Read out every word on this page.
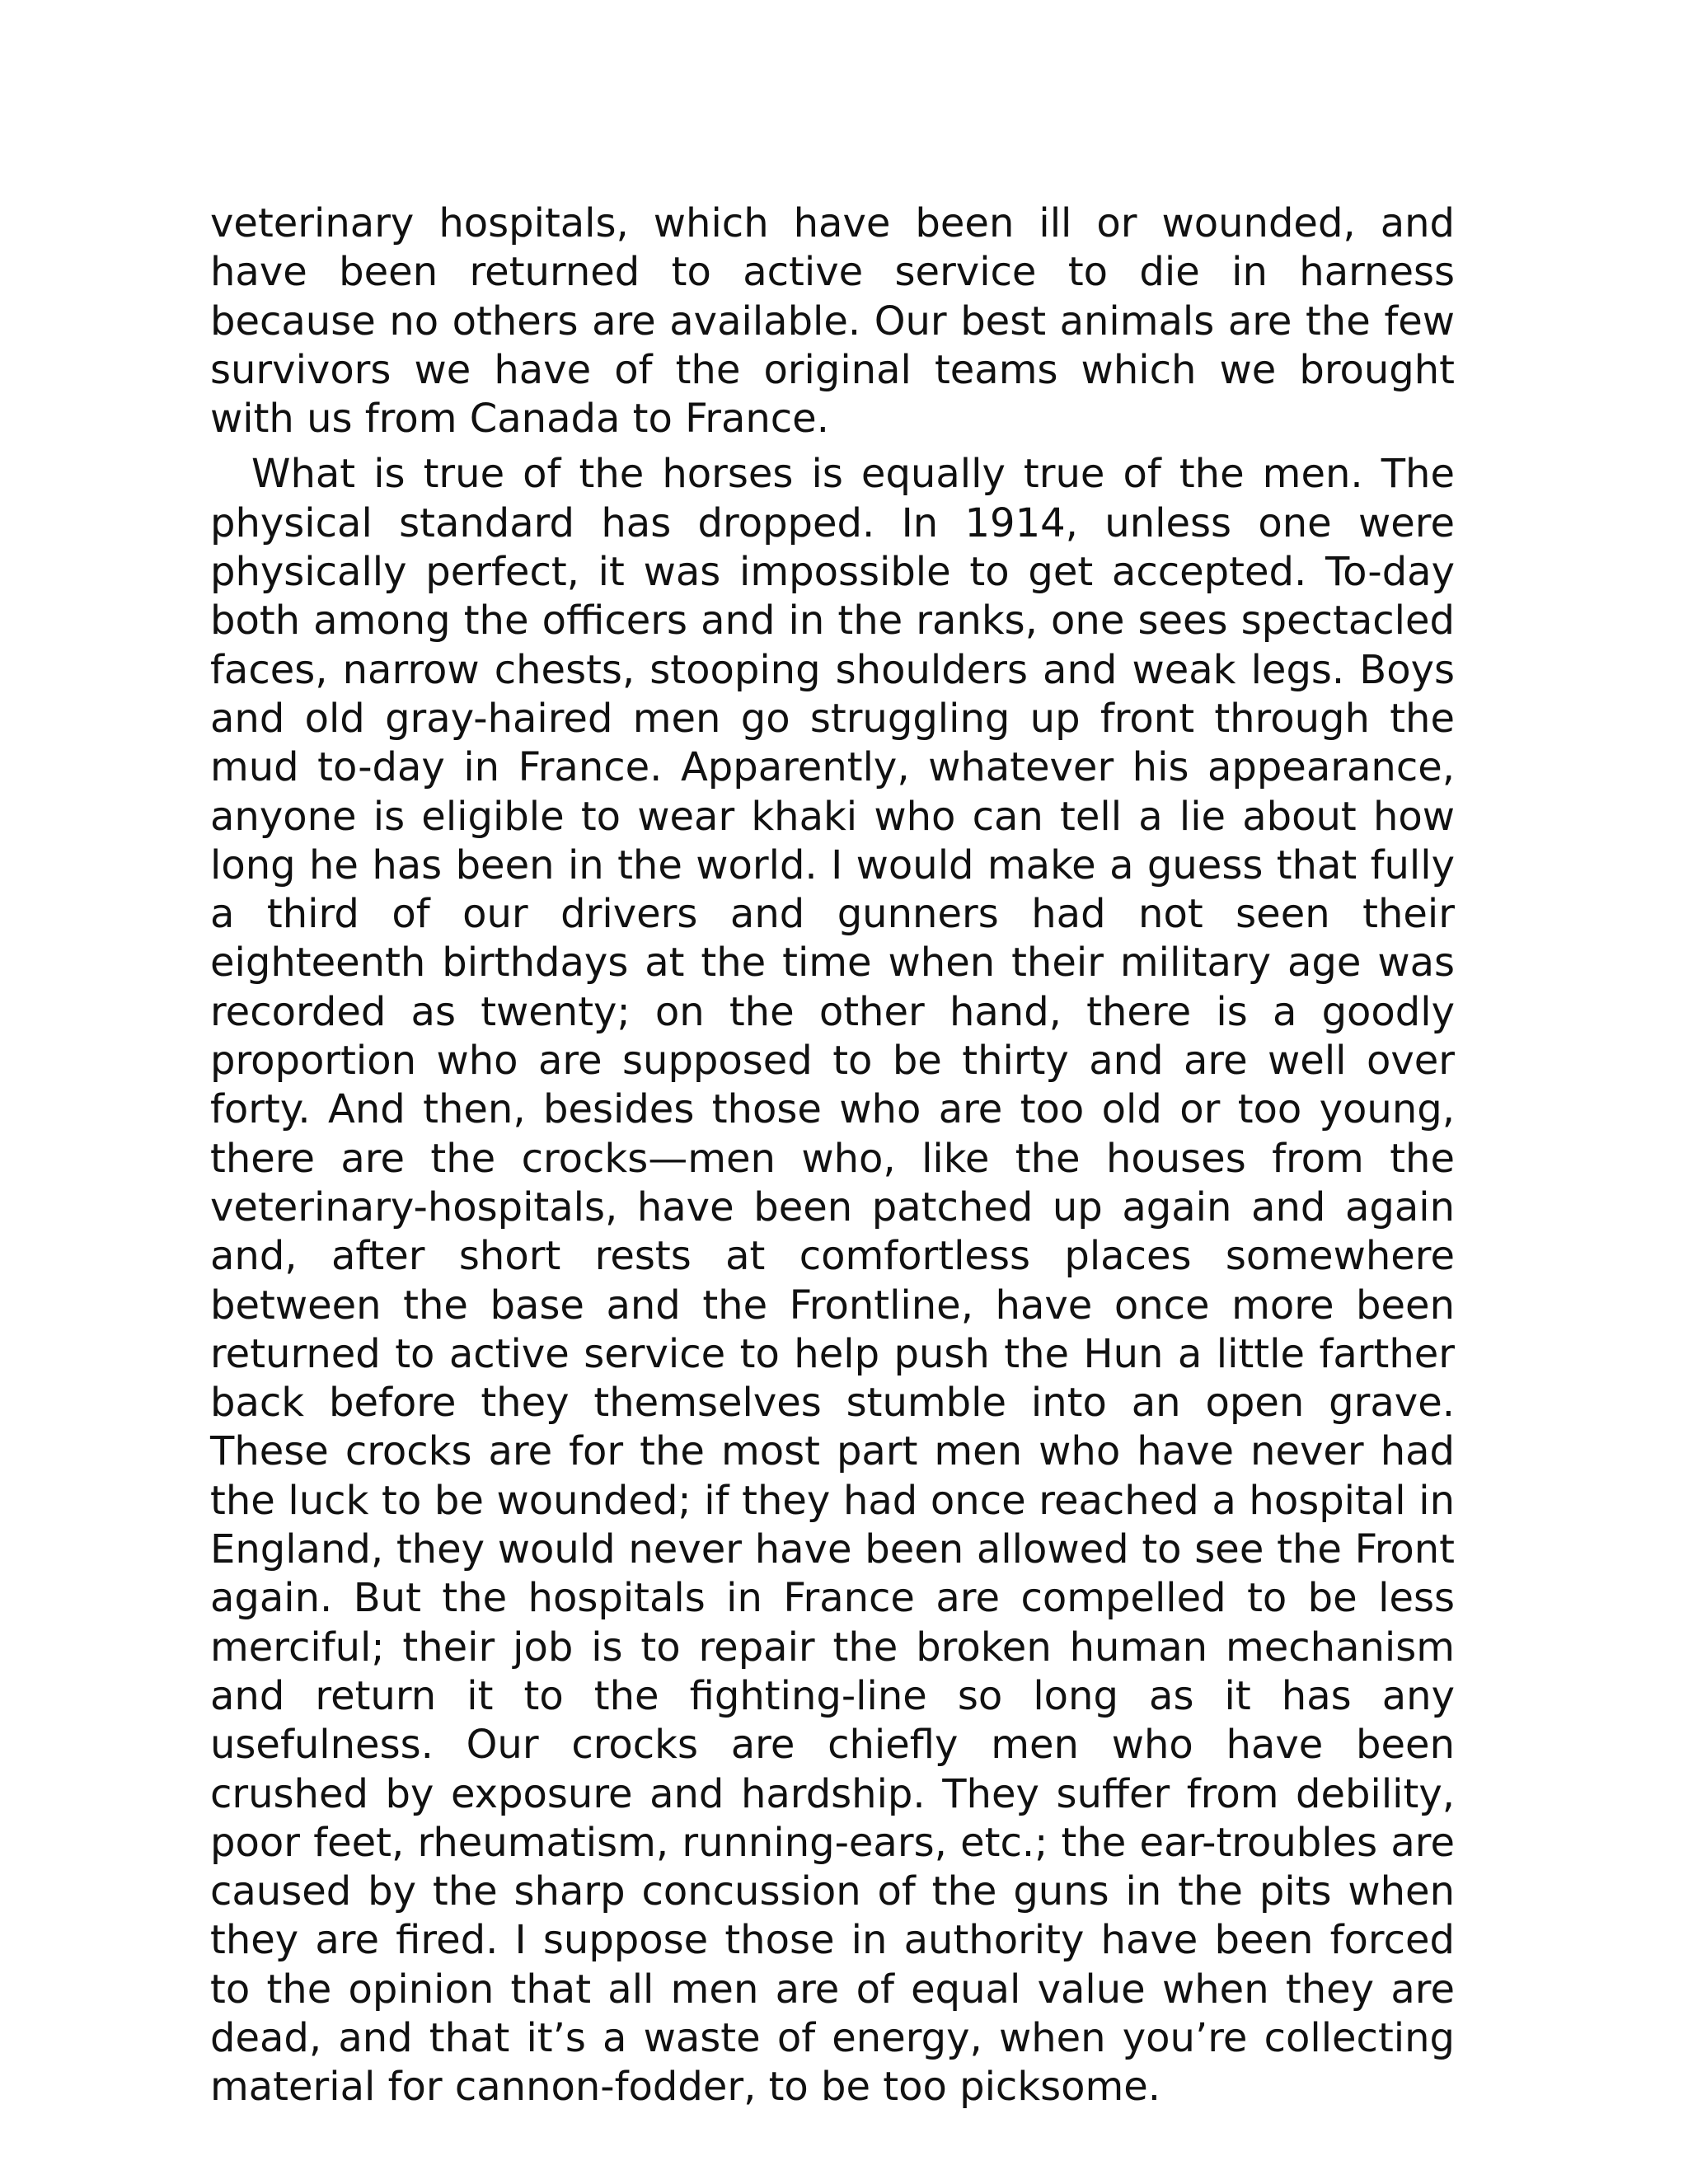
veterinary hospitals, which have been ill or wounded, and have been returned to active service to die in harness because no others are available. Our best animals are the few survivors we have of the original teams which we brought with us from Canada to France.

What is true of the horses is equally true of the men. The physical standard has dropped. In 1914, unless one were physically perfect, it was impossible to get accepted. To-day both among the officers and in the ranks, one sees spectacled faces, narrow chests, stooping shoulders and weak legs. Boys and old gray-haired men go struggling up front through the mud to-day in France. Apparently, whatever his appearance, anyone is eligible to wear khaki who can tell a lie about how long he has been in the world. I would make a guess that fully a third of our drivers and gunners had not seen their eighteenth birthdays at the time when their military age was recorded as twenty; on the other hand, there is a goodly proportion who are supposed to be thirty and are well over forty. And then, besides those who are too old or too young, there are the crocks—men who, like the houses from the veterinary-hospitals, have been patched up again and again and, after short rests at comfortless places somewhere between the base and the Frontline, have once more been returned to active service to help push the Hun a little farther back before they themselves stumble into an open grave. These crocks are for the most part men who have never had the luck to be wounded; if they had once reached a hospital in England, they would never have been allowed to see the Front again. But the hospitals in France are compelled to be less merciful; their job is to repair the broken human mechanism and return it to the fighting-line so long as it has any usefulness. Our crocks are chiefly men who have been crushed by exposure and hardship. They suffer from debility, poor feet, rheumatism, running-ears, etc.; the ear-troubles are caused by the sharp concussion of the guns in the pits when they are fired. I suppose those in authority have been forced to the opinion that all men are of equal value when they are dead, and that it’s a waste of energy, when you’re collecting material for cannon-fodder, to be too picksome.
